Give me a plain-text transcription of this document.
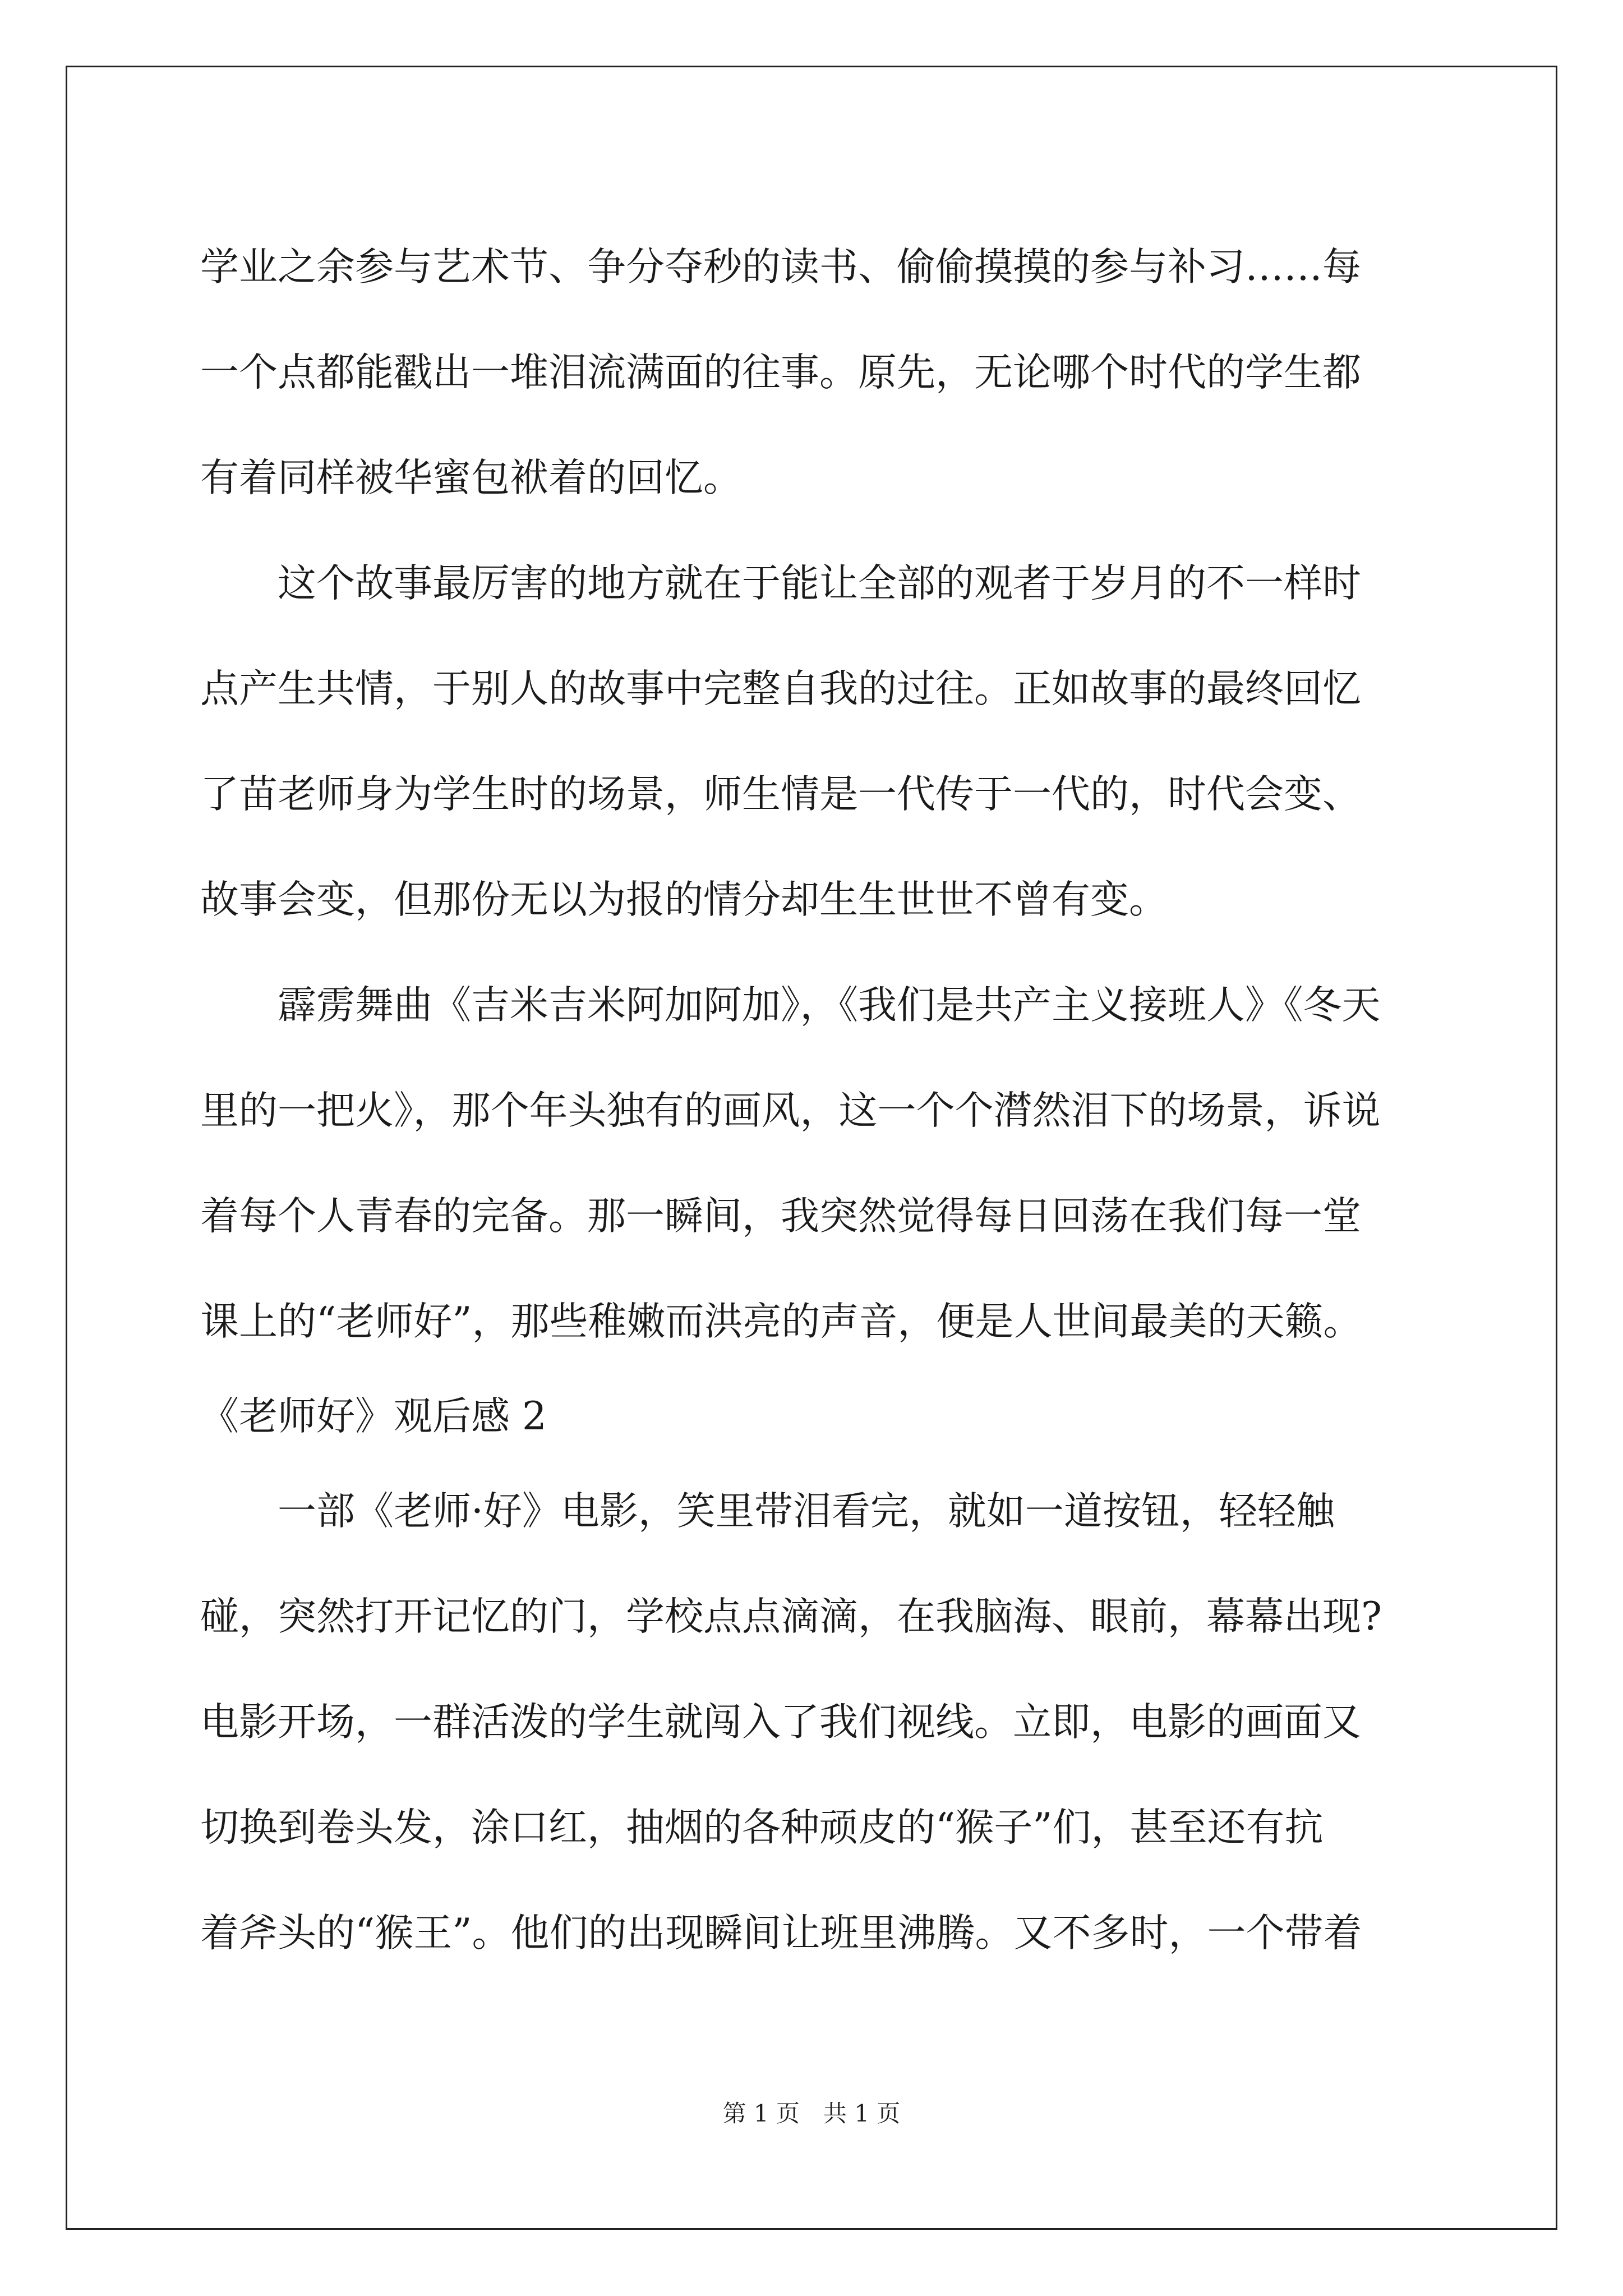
学业之余参与艺术节、争分夺秒的读书、偷偷摸摸的参与补习……每
一个点都能戳出一堆泪流满面的往事。原先，无论哪个时代的学生都
有着同样被华蜜包袱着的回忆。
这个故事最厉害的地方就在于能让全部的观者于岁月的不一样时
点产生共情，于别人的故事中完整自我的过往。正如故事的最终回忆
了苗老师身为学生时的场景，师生情是一代传于一代的，时代会变、
故事会变，但那份无以为报的情分却生生世世不曾有变。
霹雳舞曲《吉米吉米阿加阿加》，《我们是共产主义接班人》《冬天
里的一把火》，那个年头独有的画风，这一个个潸然泪下的场景，诉说
着每个人青春的完备。那一瞬间，我突然觉得每日回荡在我们每一堂
课上的“老师好”，那些稚嫩而洪亮的声音，便是人世间最美的天籁。
《老师好》观后感 2
一部《老师·好》电影，笑里带泪看完，就如一道按钮，轻轻触
碰，突然打开记忆的门，学校点点滴滴，在我脑海、眼前，幕幕出现?
电影开场，一群活泼的学生就闯入了我们视线。立即，电影的画面又
切换到卷头发，涂口红，抽烟的各种顽皮的“猴子”们，甚至还有抗
着斧头的“猴王”。他们的出现瞬间让班里沸腾。又不多时，一个带着
第 1 页　共 1 页
